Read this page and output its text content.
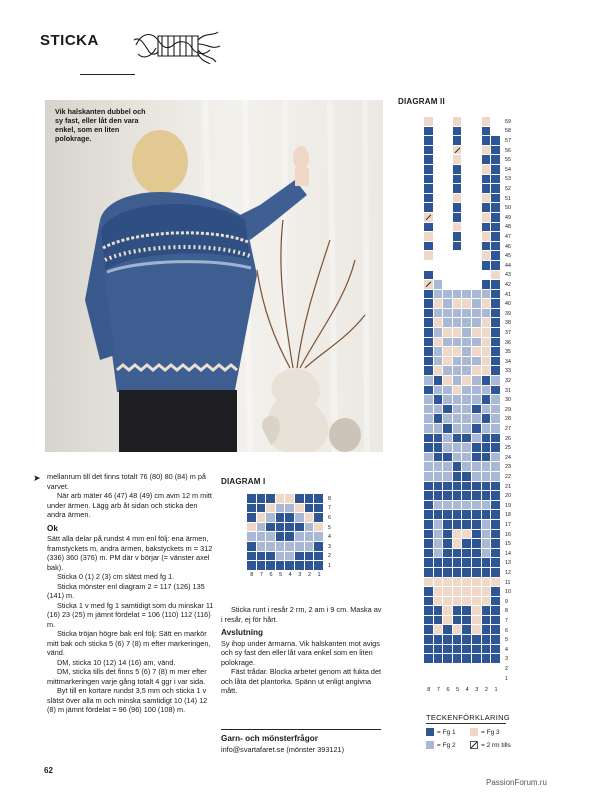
STICKA
Vik halskanten dubbel och sy fast, eller låt den vara enkel, som en liten polokrage.
➤ mellanrum till det finns totalt 76 (80) 80 (84) m på varvet.

När arb mäter 46 (47) 48 (49) cm avm 12 m mitt under ärmen. Lägg arb åt sidan och sticka den andra ärmen.

Ok

Sätt alla delar på rundst 4 mm enl följ: ena ärmen, framstyckets m, andra ärmen, bakstyckets m = 312 (336) 360 (376) m. PM där v börjar (= vänster axel bak).

Sticka 0 (1) 2 (3) cm slätst med fg 1.

Sticka mönster enl diagram 2 = 117 (126) 135 (141) m.

Sticka 1 v med fg 1 samtidigt som du minskar 11 (16) 23 (25) m jämnt fördelat = 106 (110) 112 (116) m.

Sticka tröjan högre bak enl följ: Sätt en markör mitt bak och sticka 5 (6) 7 (8) m efter markeringen, vänd.

DM, sticka 10 (12) 14 (16) am, vänd.

DM, sticka tills det finns 5 (6) 7 (8) m mer efter mittmarkeringen varje gång totalt 4 ggr i var sida.

Byt till en kortare rundst 3,5 mm och sticka 1 v slätst över alla m och minska samtidigt 10 (14) 12 (8) m jämnt fördelat = 96 (96) 100 (108) m.

DIAGRAM I
8
7
6
5
4
3
2
1
8	7	6	5	4	3	2	1

Sticka runt i resår 2 rm, 2 am i 9 cm. Maska av i resår, ej för hårt.

Avslutning

Sy ihop under ärmarna. Vik halskanten mot avigs och sy fast den eller låt vara enkel som en liten polokrage.

Fäst trådar. Blocka arbetet genom att fukta det och låta det plantorka. Spänn ut enligt angivna mått.

Garn- och mönsterfrågor

info@svartafaret.se (mönster 393121)

DIAGRAM II
59
58
57
56
55
54
53
52
51
50
49
48
47
46
45
44
43
42
41
40
39
38
37
36
35
34
33
32
31
30
29
28
27
26
25
24
23
22
21
20
19
18
17
16
15
14
13
12
11
10
9
8
7
6
5
4
3
2
1
8	7	6	5	4	3	2	1
TECKENFÖRKLARING
= Fg 1	= Fg 3
= Fg 2	= 2 rm tills
62
PassionForum.ru
